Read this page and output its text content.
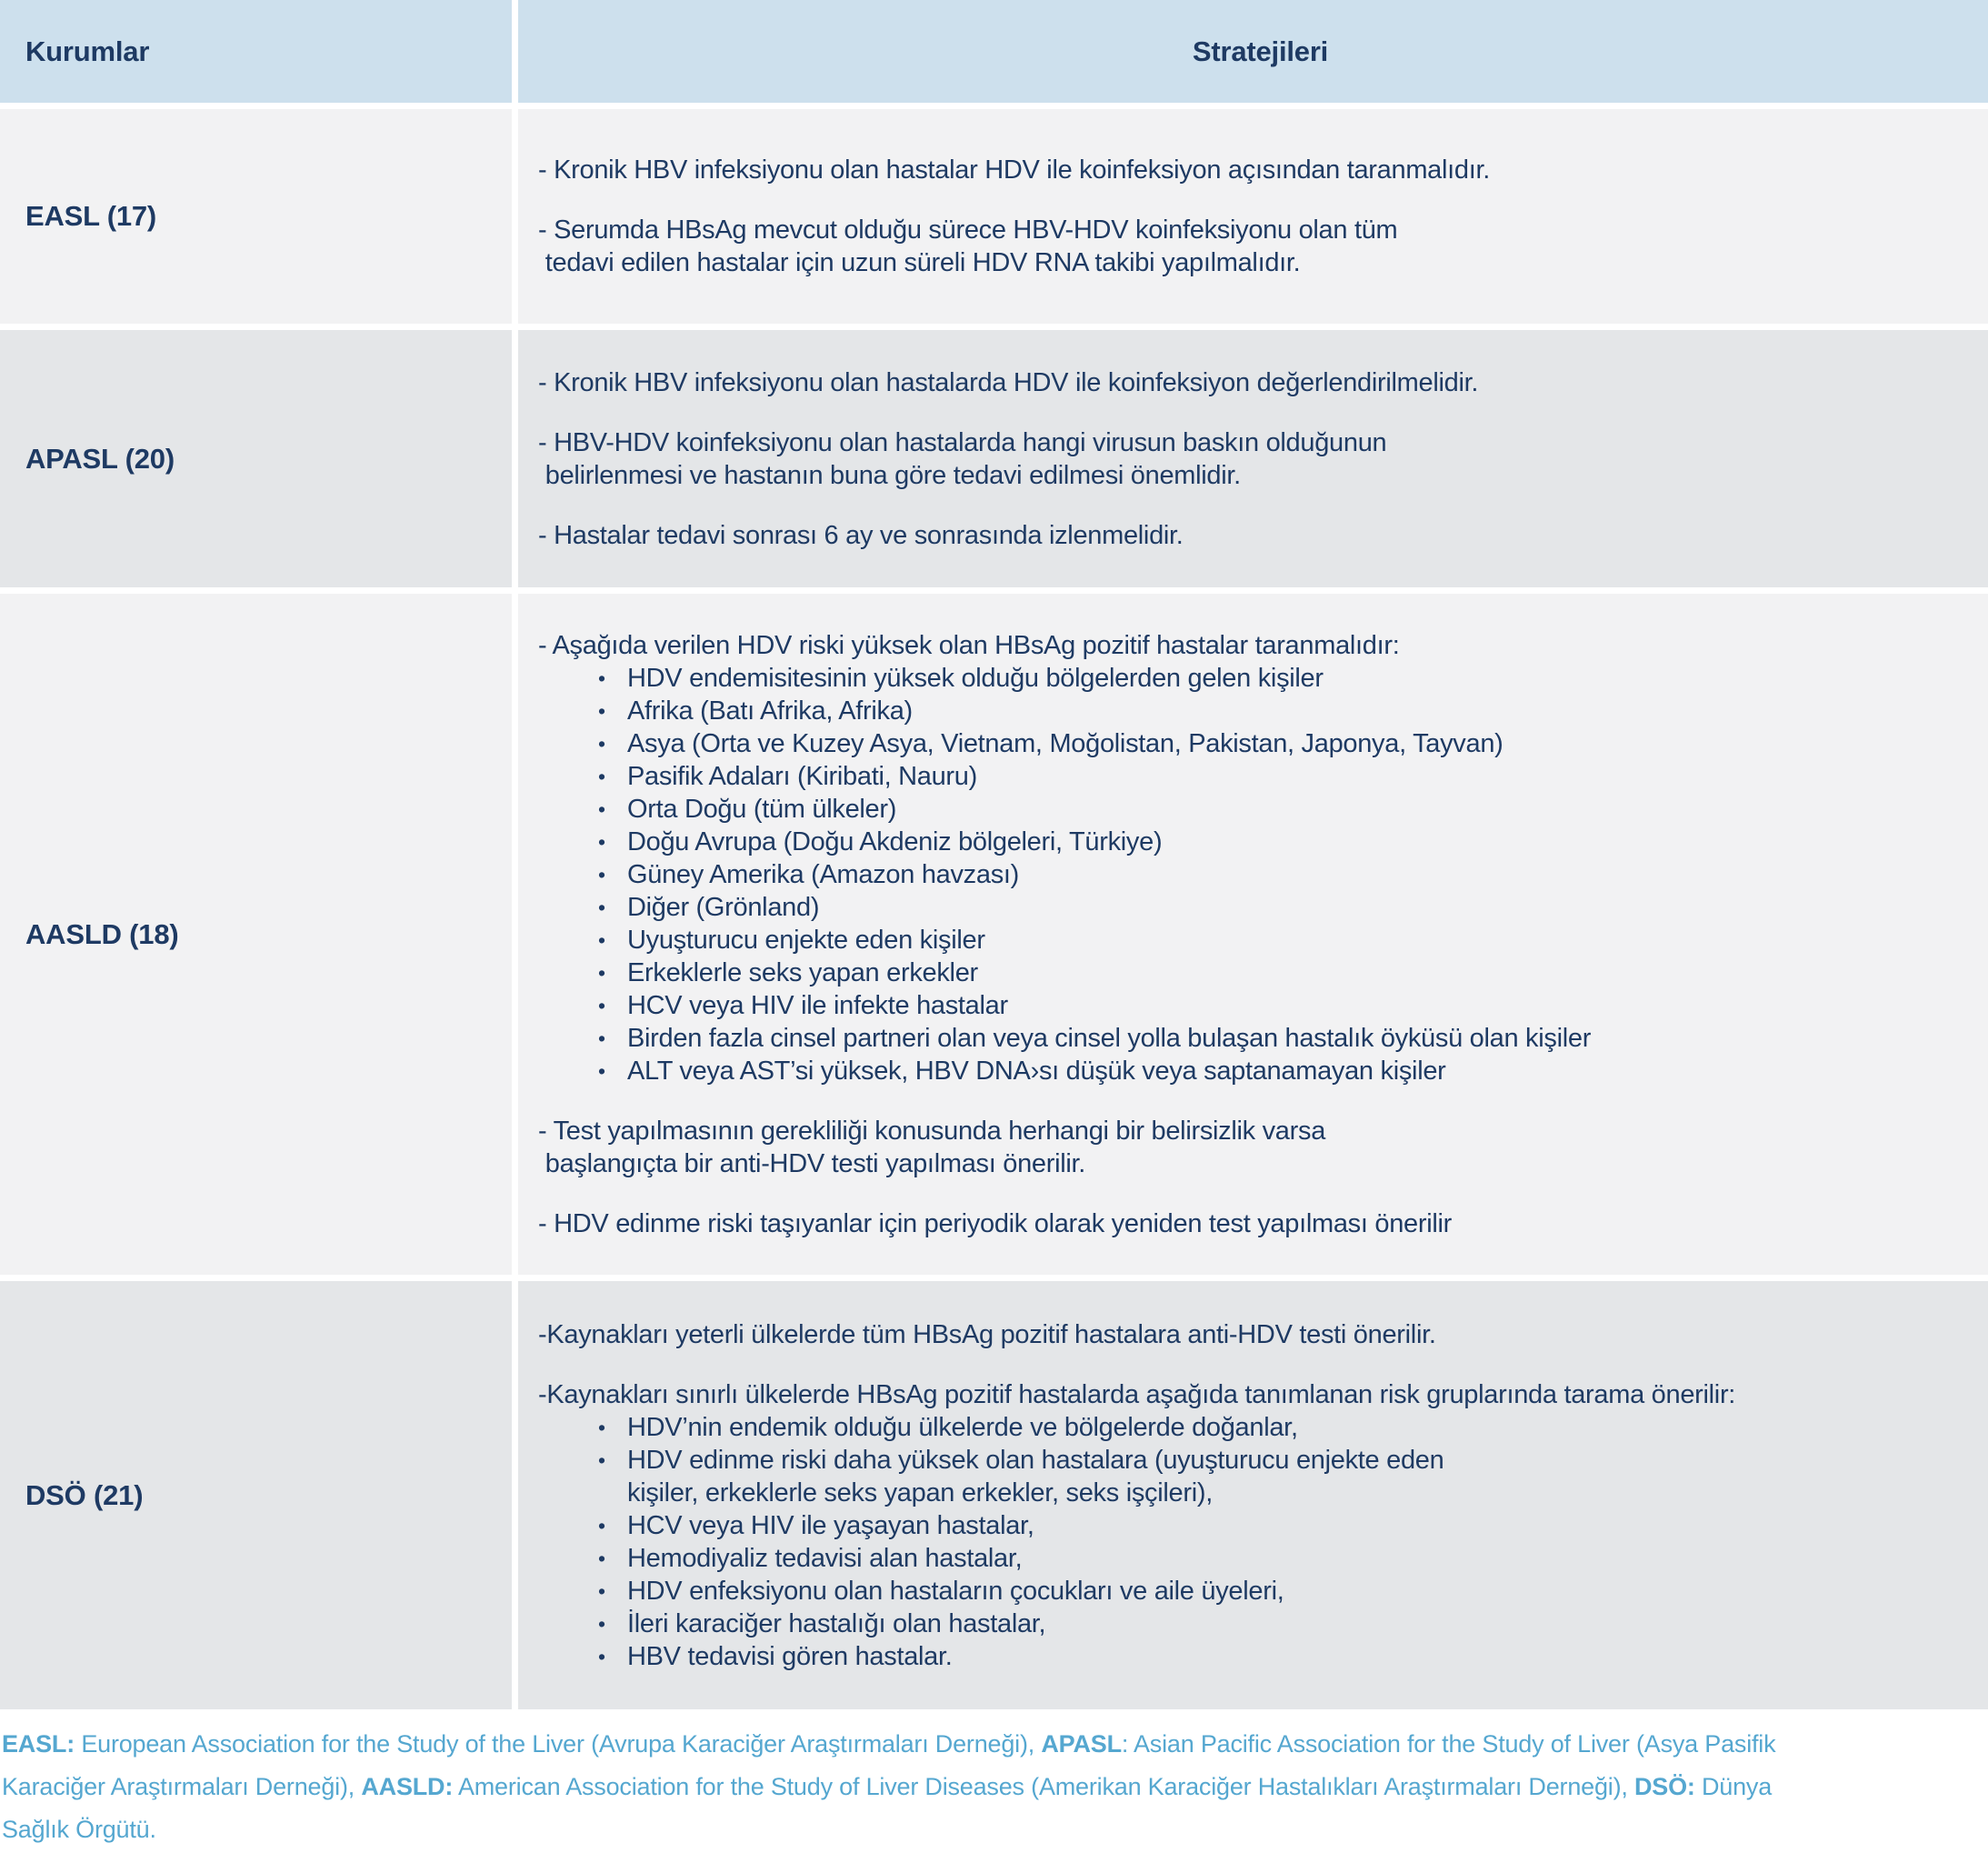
Kurumlar	Stratejileri
EASL (17)
- Kronik HBV infeksiyonu olan hastalar HDV ile koinfeksiyon açısından taranmalıdır.
- Serumda HBsAg mevcut olduğu sürece HBV-HDV koinfeksiyonu olan tüm
tedavi edilen hastalar için uzun süreli HDV RNA takibi yapılmalıdır.
APASL (20)
- Kronik HBV infeksiyonu olan hastalarda HDV ile koinfeksiyon değerlendirilmelidir.
- HBV-HDV koinfeksiyonu olan hastalarda hangi virusun baskın olduğunun
belirlenmesi ve hastanın buna göre tedavi edilmesi önemlidir.
- Hastalar tedavi sonrası 6 ay ve sonrasında izlenmelidir.
AASLD (18)
- Aşağıda verilen HDV riski yüksek olan HBsAg pozitif hastalar taranmalıdır:
• HDV endemisitesinin yüksek olduğu bölgelerden gelen kişiler
• Afrika (Batı Afrika, Afrika)
• Asya (Orta ve Kuzey Asya, Vietnam, Moğolistan, Pakistan, Japonya, Tayvan)
• Pasifik Adaları (Kiribati, Nauru)
• Orta Doğu (tüm ülkeler)
• Doğu Avrupa (Doğu Akdeniz bölgeleri, Türkiye)
• Güney Amerika (Amazon havzası)
• Diğer (Grönland)
• Uyuşturucu enjekte eden kişiler
• Erkeklerle seks yapan erkekler
• HCV veya HIV ile infekte hastalar
• Birden fazla cinsel partneri olan veya cinsel yolla bulaşan hastalık öyküsü olan kişiler
• ALT veya AST’si yüksek, HBV DNA›sı düşük veya saptanamayan kişiler
- Test yapılmasının gerekliliği konusunda herhangi bir belirsizlik varsa
başlangıçta bir anti-HDV testi yapılması önerilir.
- HDV edinme riski taşıyanlar için periyodik olarak yeniden test yapılması önerilir
DSÖ (21)
-Kaynakları yeterli ülkelerde tüm HBsAg pozitif hastalara anti-HDV testi önerilir.
-Kaynakları sınırlı ülkelerde HBsAg pozitif hastalarda aşağıda tanımlanan risk gruplarında tarama önerilir:
• HDV’nin endemik olduğu ülkelerde ve bölgelerde doğanlar,
• HDV edinme riski daha yüksek olan hastalara (uyuşturucu enjekte eden
kişiler, erkeklerle seks yapan erkekler, seks işçileri),
• HCV veya HIV ile yaşayan hastalar,
• Hemodiyaliz tedavisi alan hastalar,
• HDV enfeksiyonu olan hastaların çocukları ve aile üyeleri,
• İleri karaciğer hastalığı olan hastalar,
• HBV tedavisi gören hastalar.
EASL: European Association for the Study of the Liver (Avrupa Karaciğer Araştırmaları Derneği), APASL: Asian Pacific Association for the Study of Liver (Asya Pasifik
Karaciğer Araştırmaları Derneği), AASLD: American Association for the Study of Liver Diseases (Amerikan Karaciğer Hastalıkları Araştırmaları Derneği), DSÖ: Dünya
Sağlık Örgütü.
